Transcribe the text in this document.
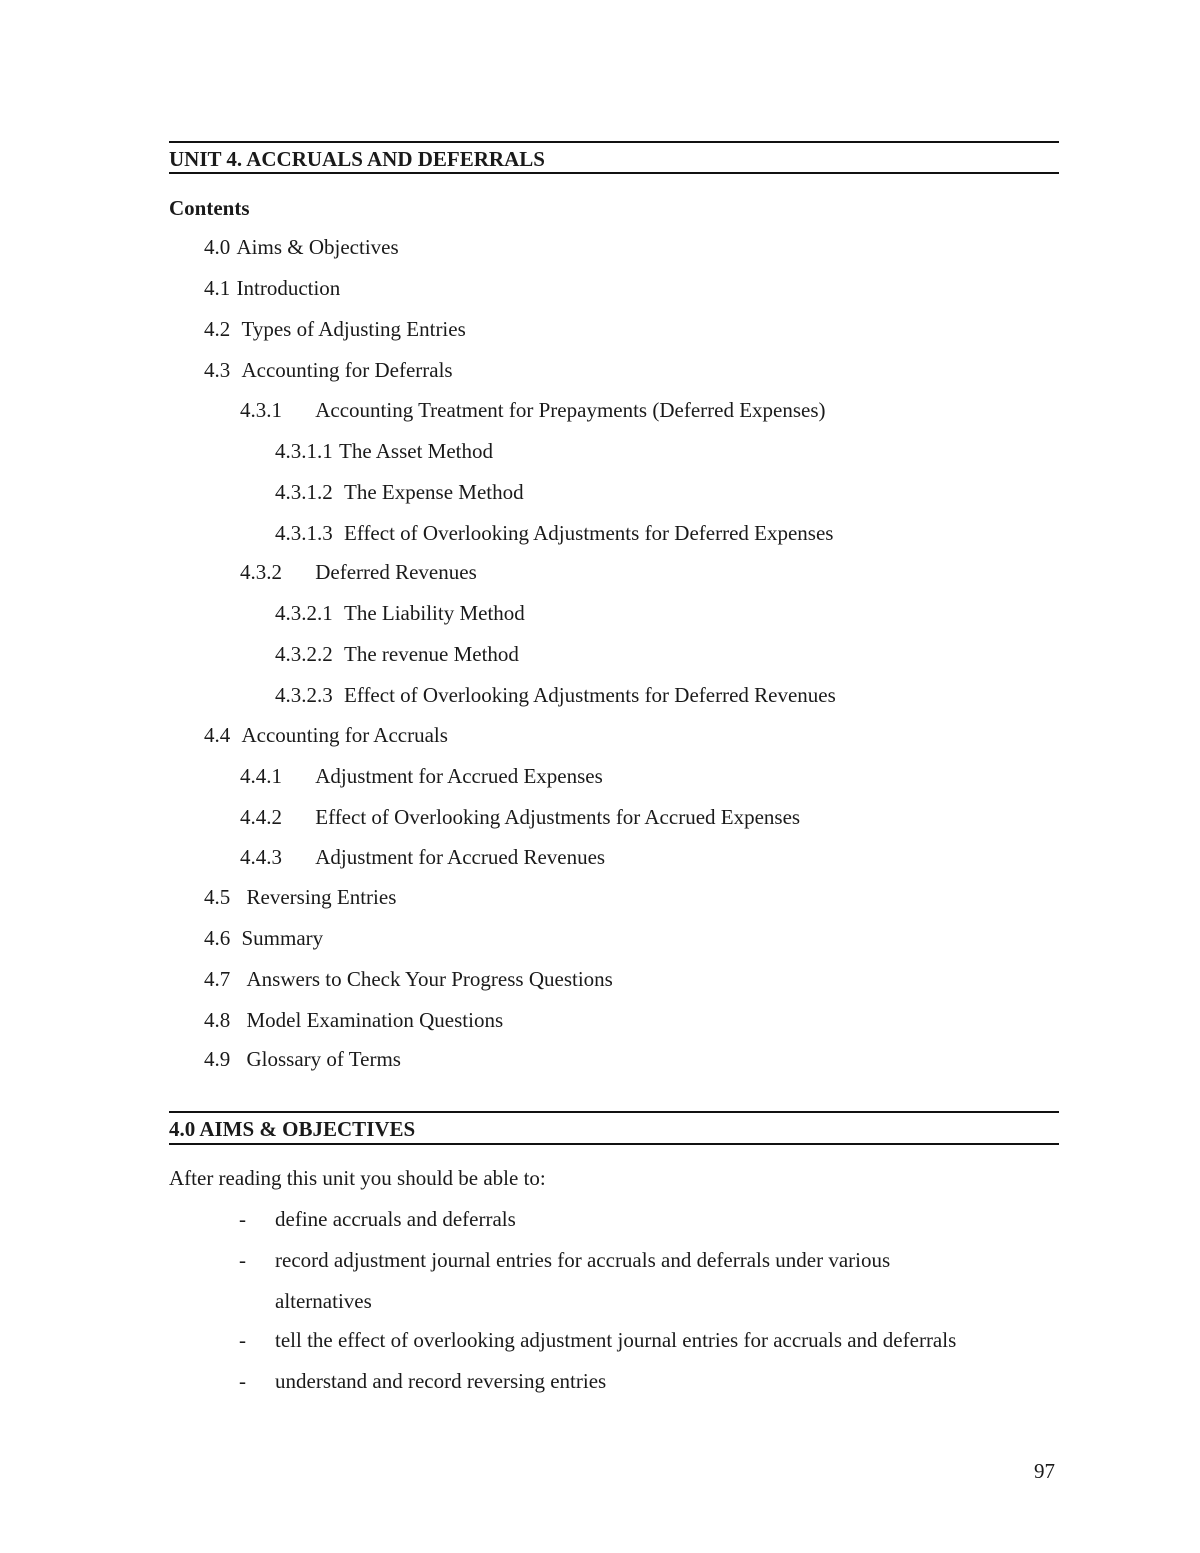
UNIT 4. ACCRUALS AND DEFERRALS
Contents
4.0 Aims & Objectives
4.1 Introduction
4.2 Types of Adjusting Entries
4.3 Accounting for Deferrals
4.3.1 Accounting Treatment for Prepayments (Deferred Expenses)
4.3.1.1 The Asset Method
4.3.1.2 The Expense Method
4.3.1.3 Effect of Overlooking Adjustments for Deferred Expenses
4.3.2 Deferred Revenues
4.3.2.1 The Liability Method
4.3.2.2 The revenue Method
4.3.2.3 Effect of Overlooking Adjustments for Deferred Revenues
4.4 Accounting for Accruals
4.4.1 Adjustment for Accrued Expenses
4.4.2 Effect of Overlooking Adjustments for Accrued Expenses
4.4.3 Adjustment for Accrued Revenues
4.5 Reversing Entries
4.6 Summary
4.7 Answers to Check Your Progress Questions
4.8 Model Examination Questions
4.9 Glossary of Terms
4.0 AIMS & OBJECTIVES
After reading this unit you should be able to:
- define accruals and deferrals
- record adjustment journal entries for accruals and deferrals under various
alternatives
- tell the effect of overlooking adjustment journal entries for accruals and deferrals
- understand and record reversing entries
97
